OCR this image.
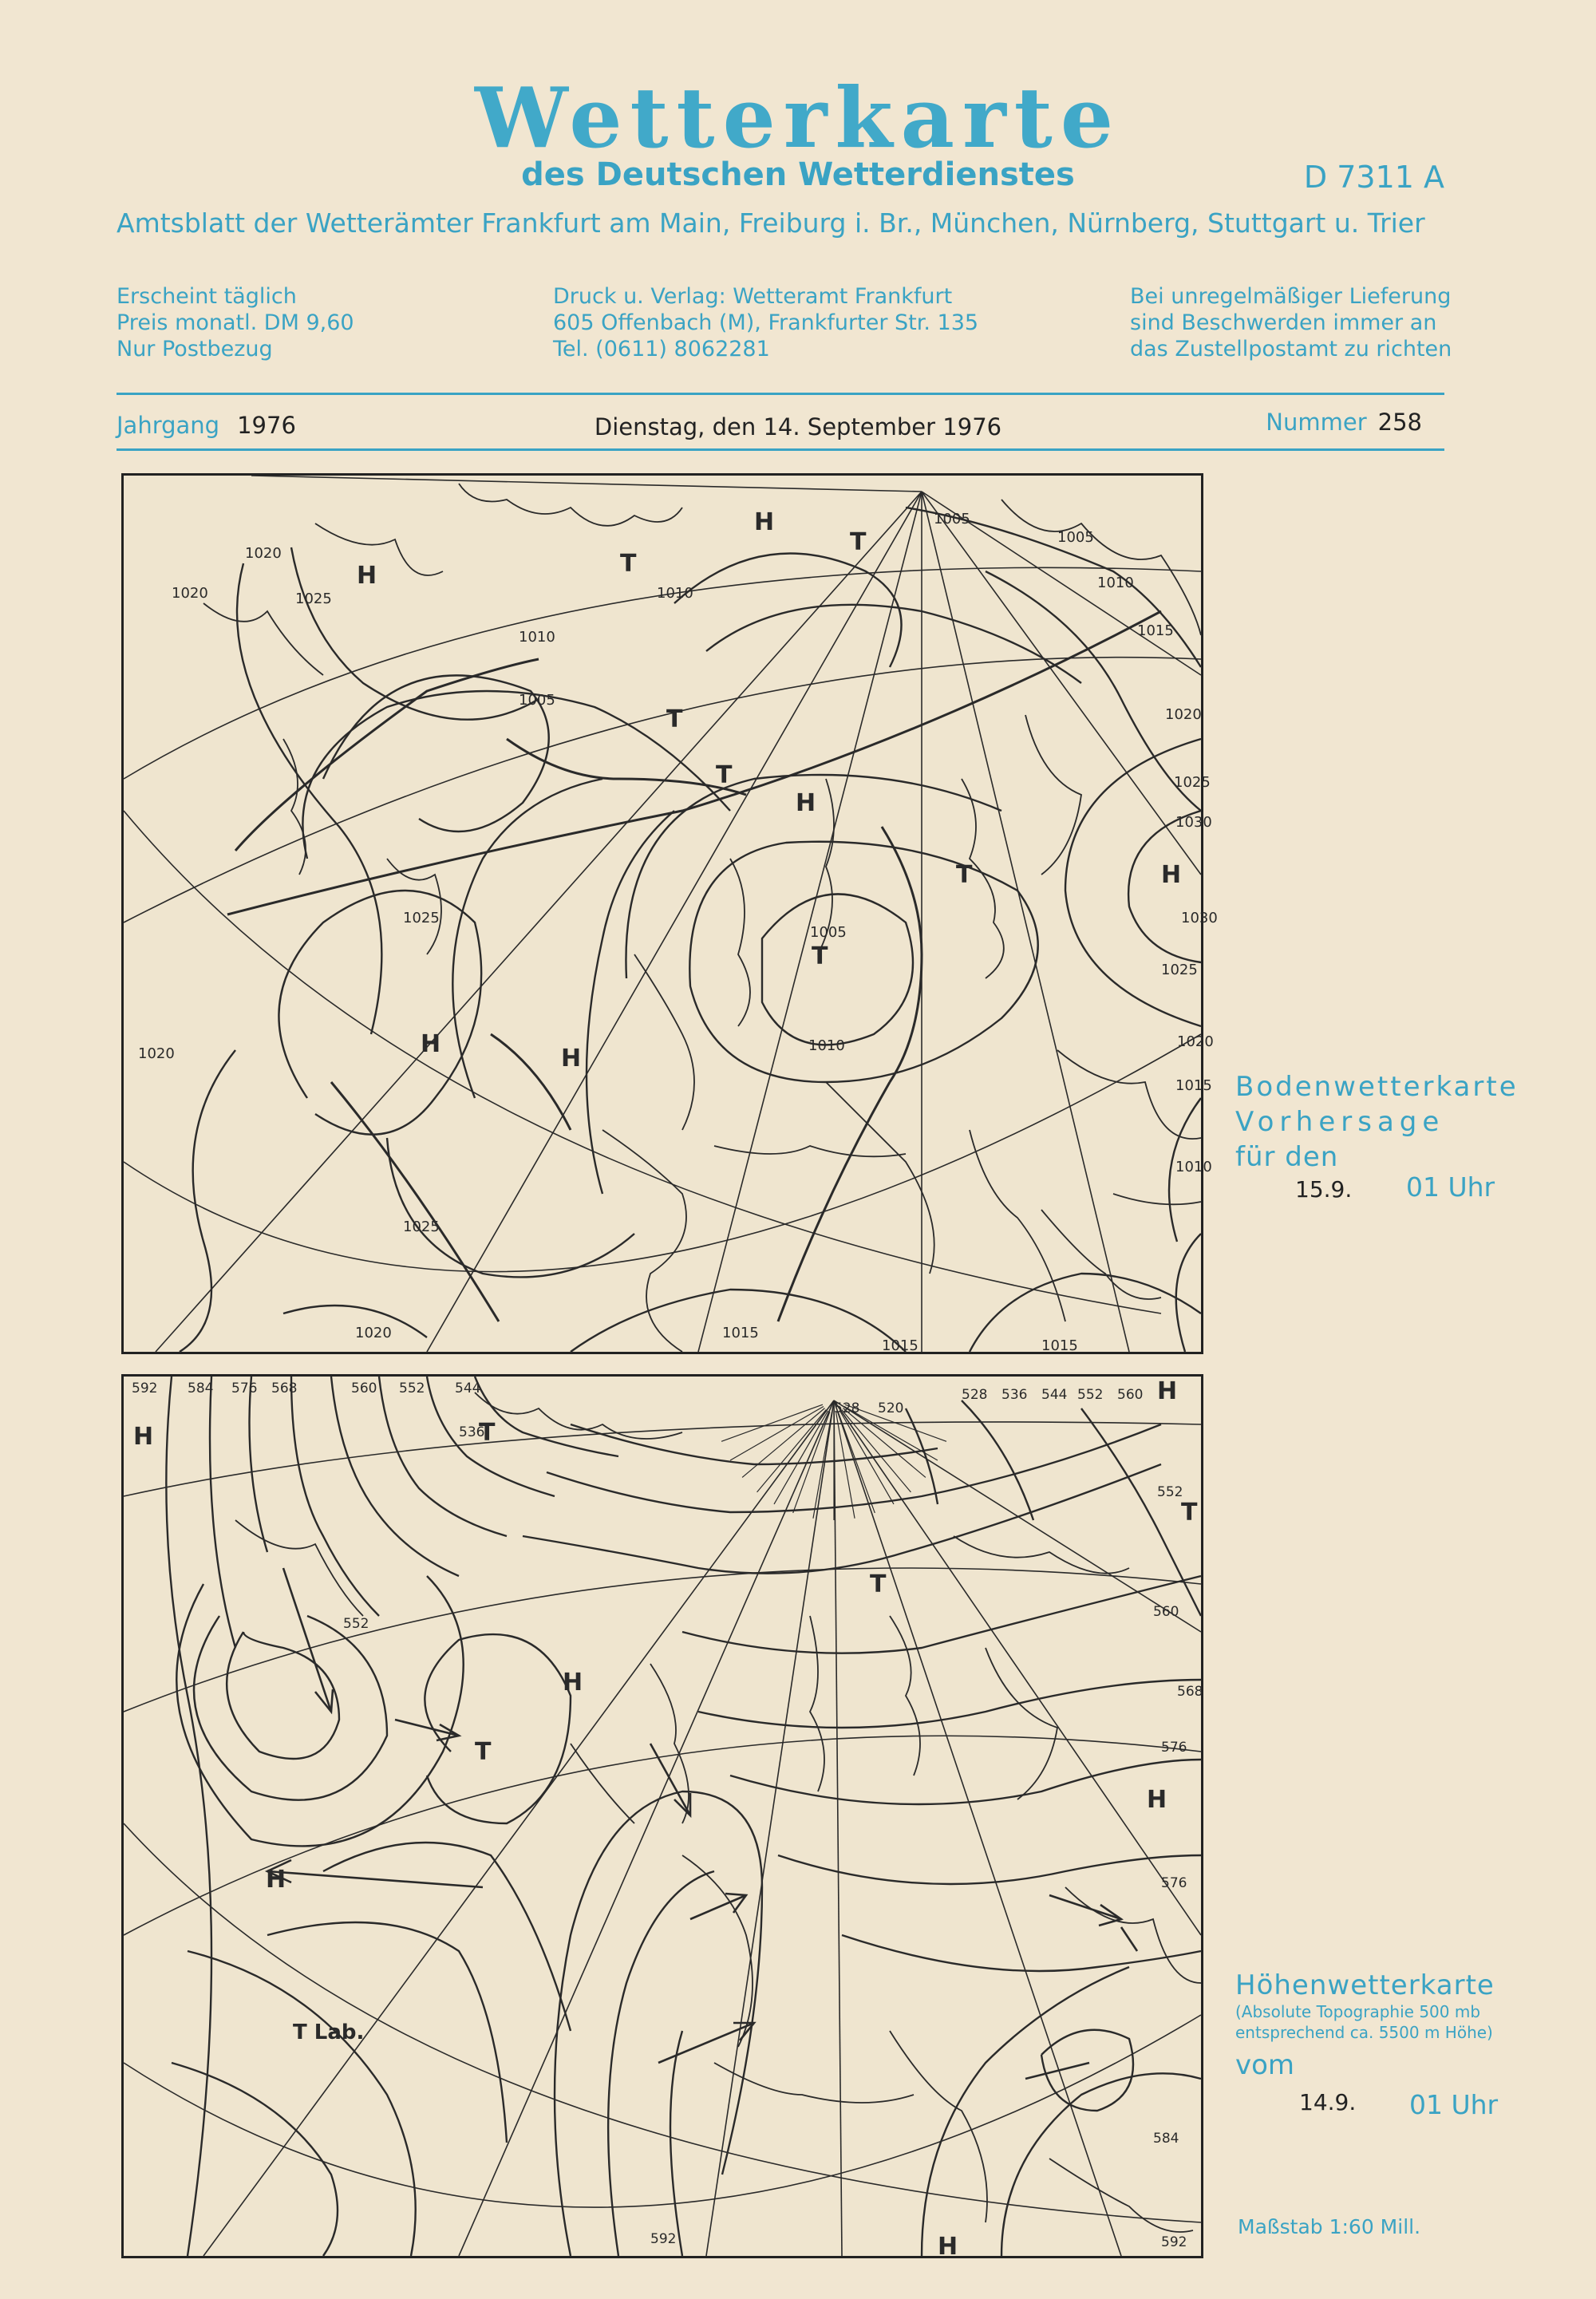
Wetterkarte
des Deutschen Wetterdienstes	D 7311 A
Amtsblatt der Wetterämter Frankfurt am Main, Freiburg i. Br., München, Nürnberg, Stuttgart u. Trier
Erscheint täglich
Preis monatl. DM 9,60
Nur Postbezug
Druck u. Verlag: Wetteramt Frankfurt
605 Offenbach (M), Frankfurter Str. 135
Tel. (0611) 8062281
Bei unregelmäßiger Lieferung
sind Beschwerden immer an
das Zustellpostamt zu richten
Jahrgang 1976	Dienstag, den 14. September 1976	Nummer 258
1020
1020	1025
1010
1005
1010
1005
1005
1010
1015
1020
1025
1030
1030
1025
1020
1015
1010
1025
1020
1010
1005
1015
1015	1015
1025
1020
H
H
T
T
T
H
T
H
T
H
H
T
Bodenwetterkarte
Vorhersage
für den
15.9. 01 Uhr
592 584 576 568	560 552 544
536
528 520
528 536 544 552 560
552
560
568
576
576
584
592	592
552
H	T
T
H
T
H
H
H
T
H
T Lab.
Höhenwetterkarte
(Absolute Topographie 500 mb
entsprechend ca. 5500 m Höhe)
vom
14.9. 01 Uhr
Maßstab 1:60 Mill.
